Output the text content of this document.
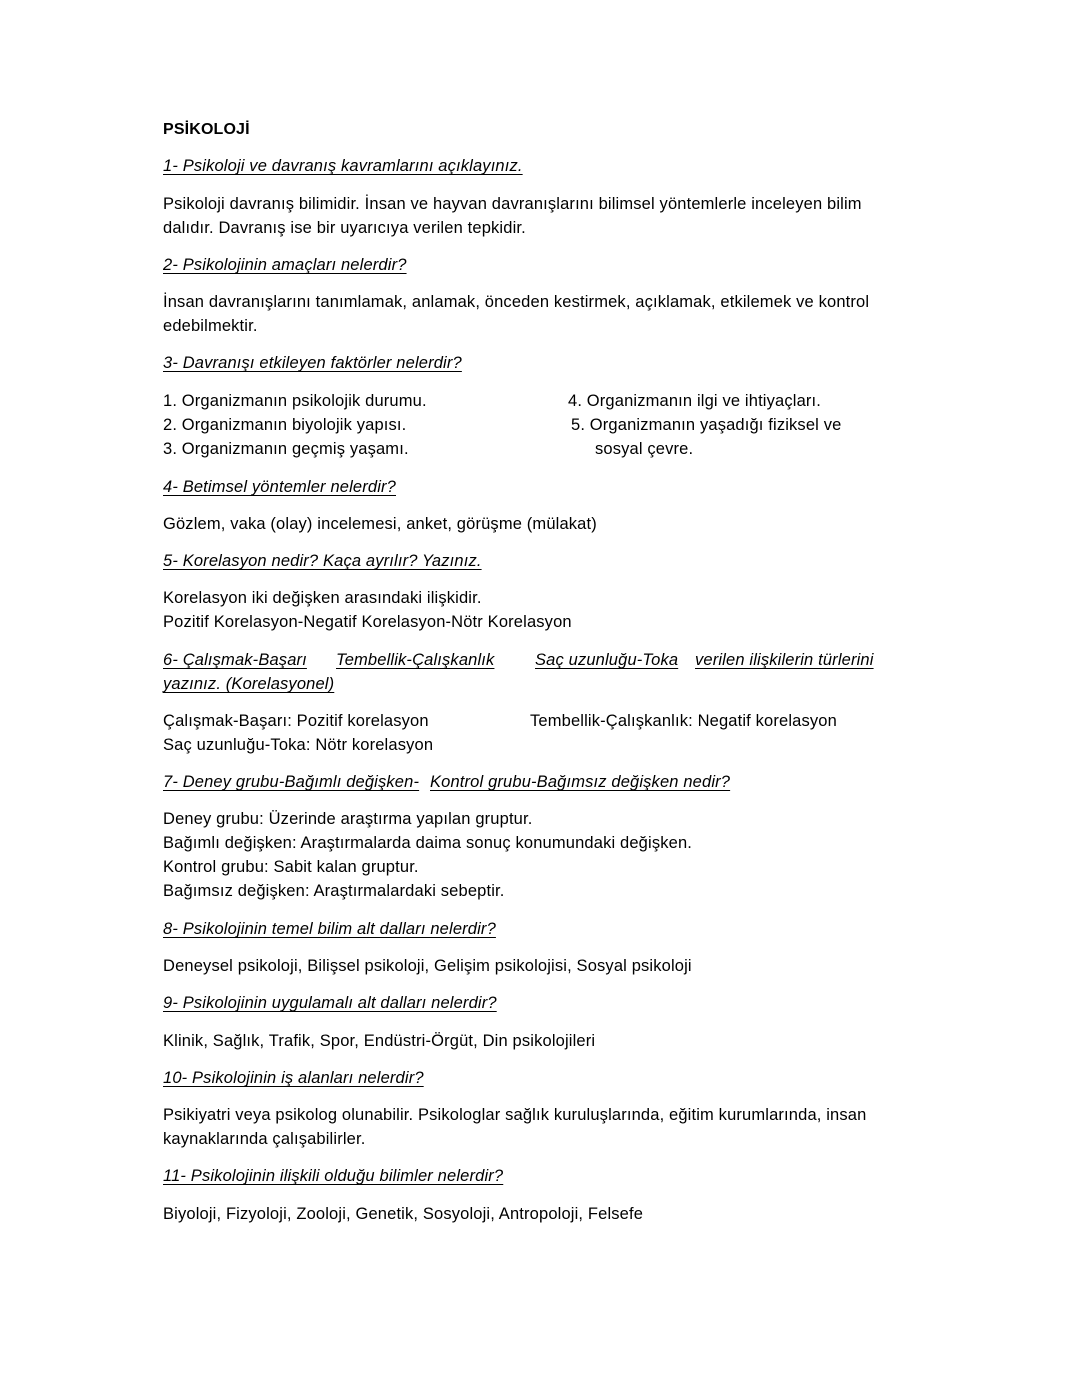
PSİKOLOJİ
1- Psikoloji ve davranış kavramlarını açıklayınız.
Psikoloji davranış bilimidir. İnsan ve hayvan davranışlarını bilimsel yöntemlerle inceleyen bilim
dalıdır. Davranış ise bir uyarıcıya verilen tepkidir.
2- Psikolojinin amaçları nelerdir?
İnsan davranışlarını tanımlamak, anlamak, önceden kestirmek, açıklamak, etkilemek ve kontrol
edebilmektir.
3- Davranışı etkileyen faktörler nelerdir?
1. Organizmanın psikolojik durumu.
2. Organizmanın biyolojik yapısı.
3. Organizmanın geçmiş yaşamı.
4. Organizmanın ilgi ve ihtiyaçları.
5. Organizmanın yaşadığı fiziksel ve
sosyal çevre.
4- Betimsel yöntemler nelerdir?
Gözlem, vaka (olay) incelemesi, anket, görüşme (mülakat)
5- Korelasyon nedir? Kaça ayrılır? Yazınız.
Korelasyon iki değişken arasındaki ilişkidir.
Pozitif Korelasyon-Negatif Korelasyon-Nötr Korelasyon
6- Çalışmak-Başarı Tembellik-Çalışkanlık Saç uzunluğu-Toka verilen ilişkilerin türlerini
yazınız. (Korelasyonel)
Çalışmak-Başarı: Pozitif korelasyon
Saç uzunluğu-Toka: Nötr korelasyon
Tembellik-Çalışkanlık: Negatif korelasyon
7- Deney grubu-Bağımlı değişken- Kontrol grubu-Bağımsız değişken nedir?
Deney grubu: Üzerinde araştırma yapılan gruptur.
Bağımlı değişken: Araştırmalarda daima sonuç konumundaki değişken.
Kontrol grubu: Sabit kalan gruptur.
Bağımsız değişken: Araştırmalardaki sebeptir.
8- Psikolojinin temel bilim alt dalları nelerdir?
Deneysel psikoloji, Bilişsel psikoloji, Gelişim psikolojisi, Sosyal psikoloji
9- Psikolojinin uygulamalı alt dalları nelerdir?
Klinik, Sağlık, Trafik, Spor, Endüstri-Örgüt, Din psikolojileri
10- Psikolojinin iş alanları nelerdir?
Psikiyatri veya psikolog olunabilir. Psikologlar sağlık kuruluşlarında, eğitim kurumlarında, insan
kaynaklarında çalışabilirler.
11- Psikolojinin ilişkili olduğu bilimler nelerdir?
Biyoloji, Fizyoloji, Zooloji, Genetik, Sosyoloji, Antropoloji, Felsefe
